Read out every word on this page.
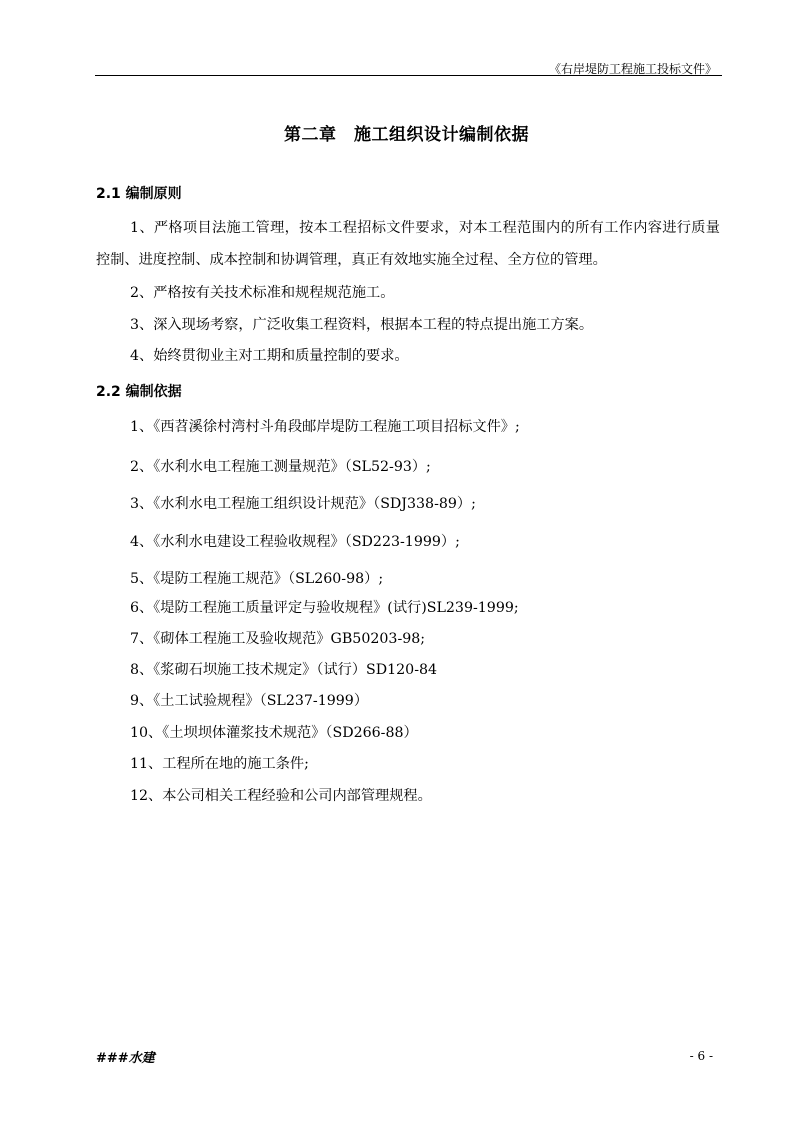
《右岸堤防工程施工投标文件》
第二章　施工组织设计编制依据
2.1 编制原则
1、严格项目法施工管理，按本工程招标文件要求，对本工程范围内的所有工作内容进行质量控制、进度控制、成本控制和协调管理，真正有效地实施全过程、全方位的管理。
2、严格按有关技术标准和规程规范施工。
3、深入现场考察，广泛收集工程资料，根据本工程的特点提出施工方案。
4、始终贯彻业主对工期和质量控制的要求。
2.2 编制依据
1、《西苕溪徐村湾村斗角段邮岸堤防工程施工项目招标文件》;
2、《水利水电工程施工测量规范》（SL52-93）;
3、《水利水电工程施工组织设计规范》（SDJ338-89）;
4、《水利水电建设工程验收规程》（SD223-1999）;
5、《堤防工程施工规范》（SL260-98）;
6、《堤防工程施工质量评定与验收规程》(试行)SL239-1999;
7、《砌体工程施工及验收规范》GB50203-98;
8、《浆砌石坝施工技术规定》（试行）SD120-84
9、《土工试验规程》（SL237-1999）
10、《土坝坝体灌浆技术规范》（SD266-88）
11、工程所在地的施工条件;
12、本公司相关工程经验和公司内部管理规程。
###水建	- 6 -
